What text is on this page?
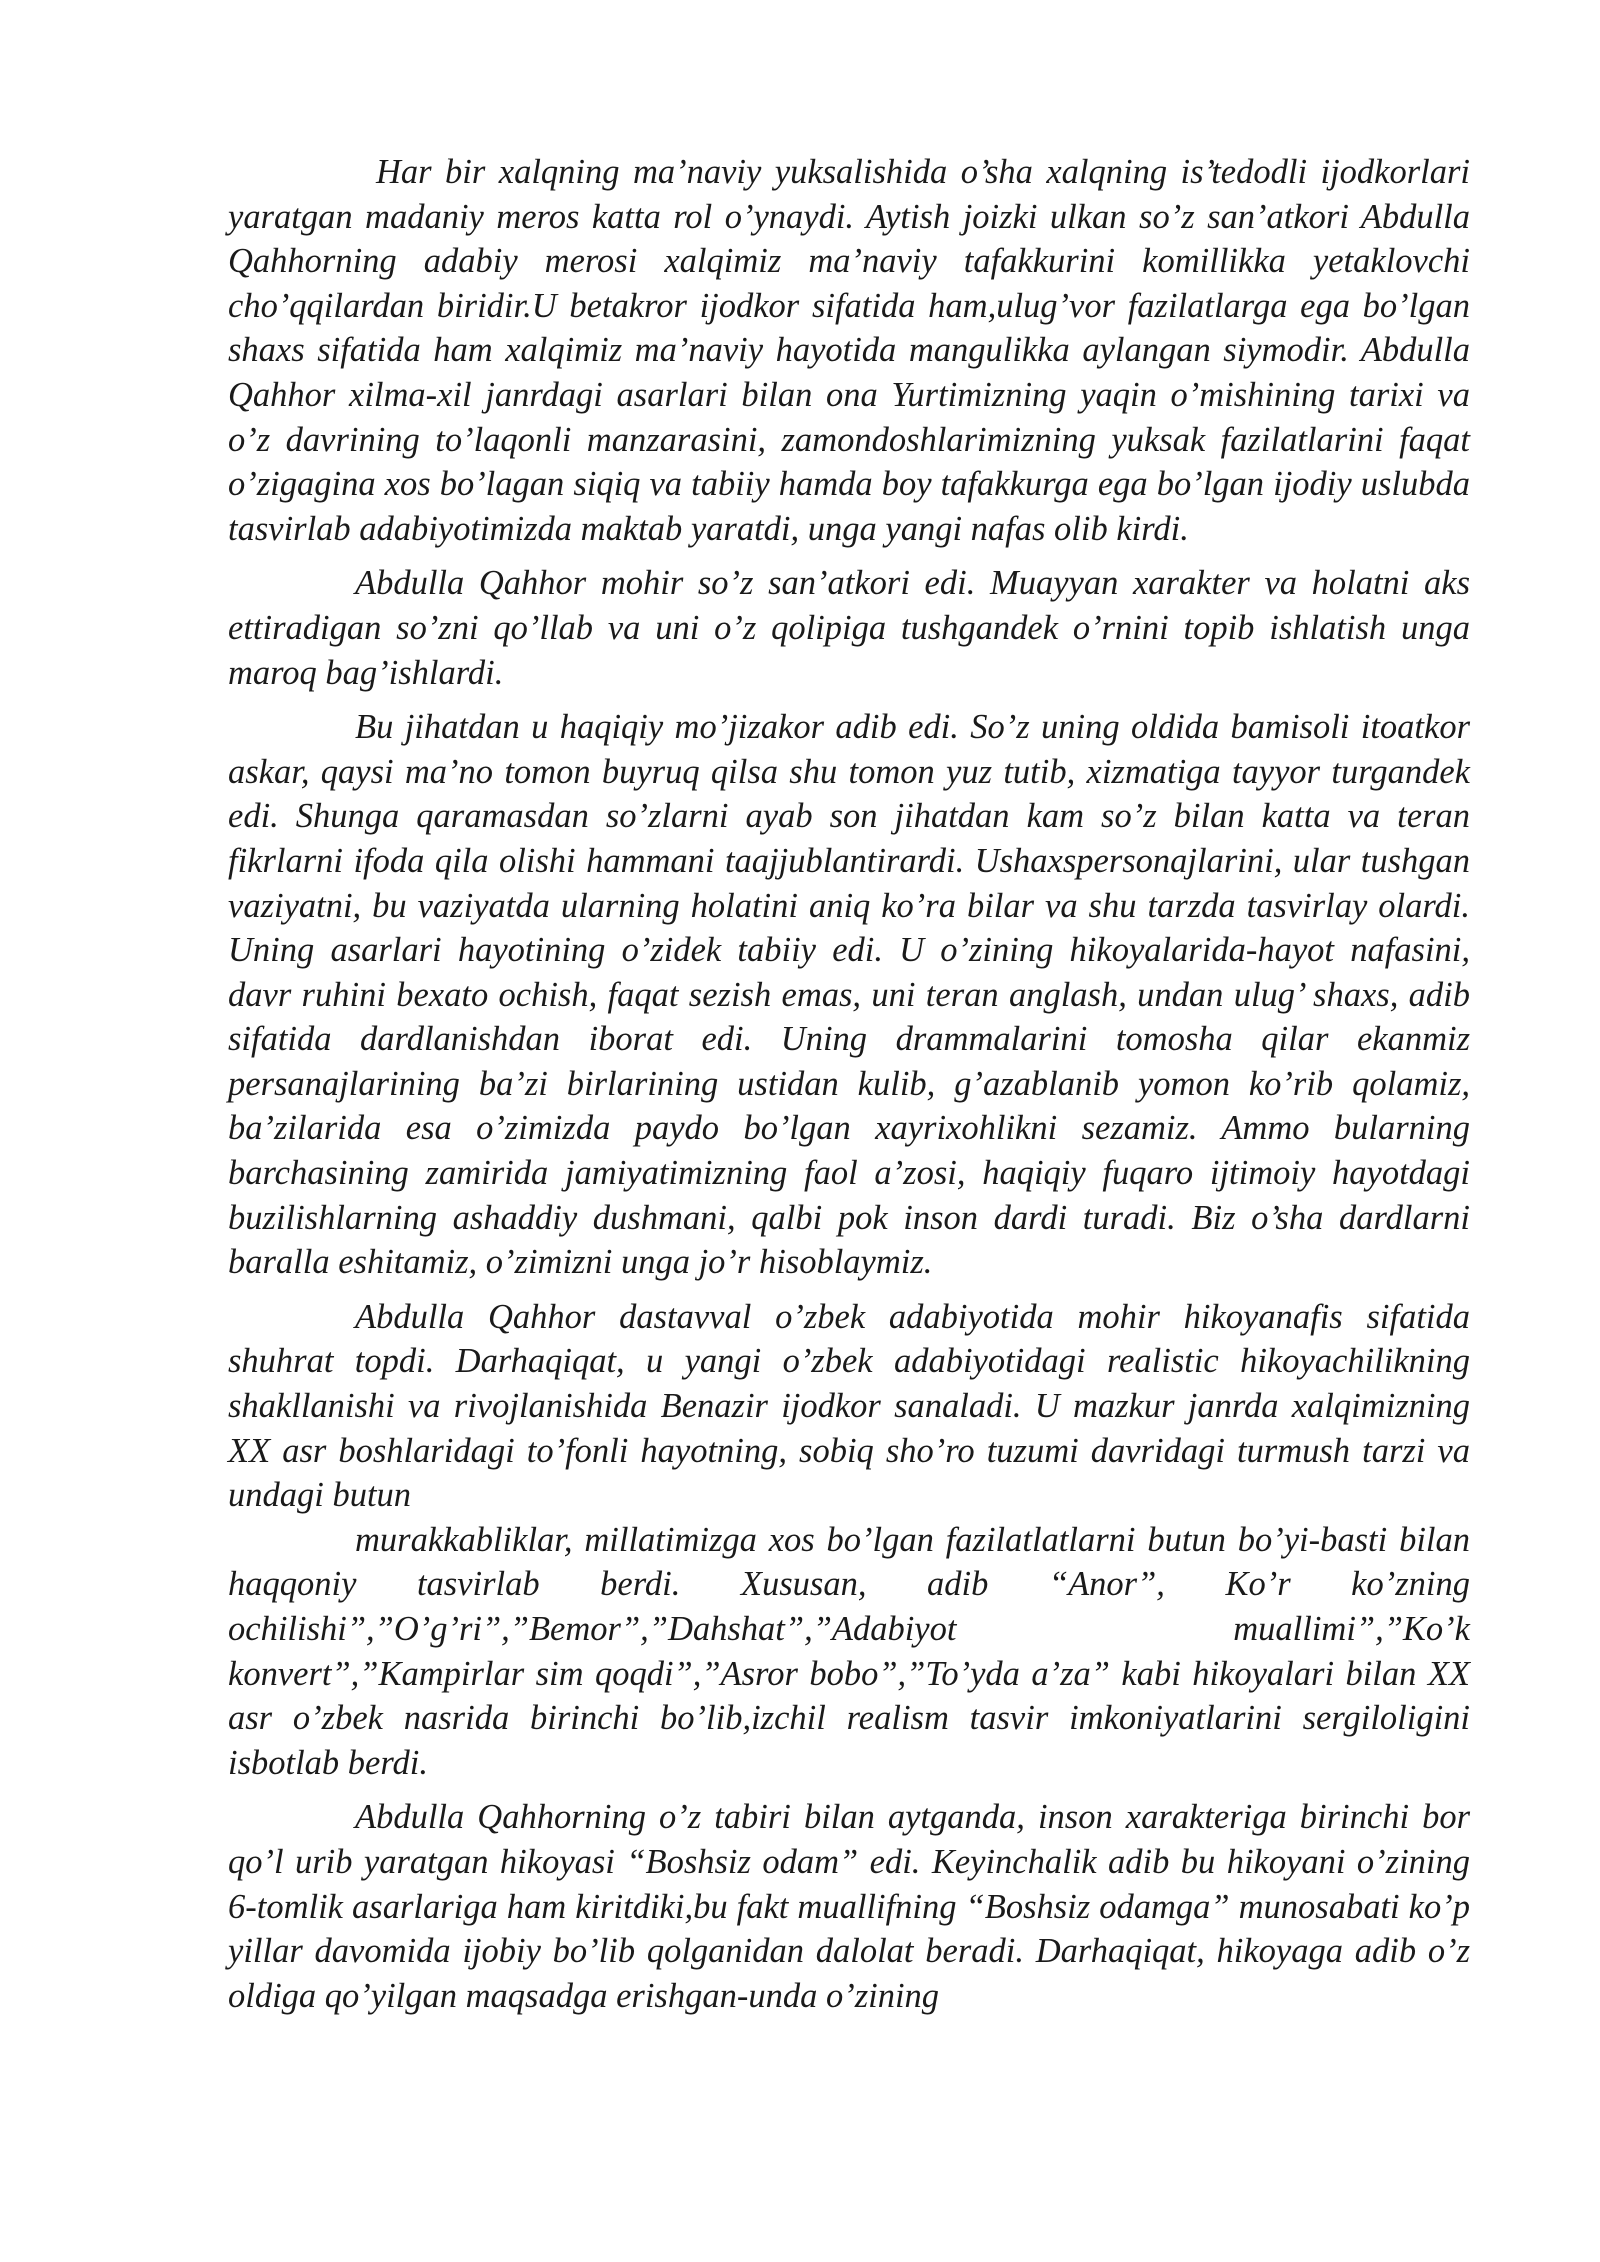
Har bir xalqning ma’naviy yuksalishida o’sha xalqning is’tedodli ijodkorlari yaratgan madaniy meros katta rol o’ynaydi. Aytish joizki ulkan so’z san’atkori Abdulla Qahhorning adabiy merosi xalqimiz ma’naviy tafakkurini komillikka yetaklovchi cho’qqilardan biridir.U betakror ijodkor sifatida ham,ulug’vor fazilatlarga ega bo’lgan shaxs sifatida ham xalqimiz ma’naviy hayotida mangulikka aylangan siymodir. Abdulla Qahhor xilma-xil janrdagi asarlari bilan ona Yurtimizning yaqin o’mishining tarixi va o’z davrining to’laqonli manzarasini, zamondoshlarimizning yuksak fazilatlarini faqat o’zigagina xos bo’lagan siqiq va tabiiy hamda boy tafakkurga ega bo’lgan ijodiy uslubda tasvirlab adabiyotimizda maktab yaratdi, unga yangi nafas olib kirdi.

Abdulla Qahhor mohir so’z san’atkori edi. Muayyan xarakter va holatni aks ettiradigan so’zni qo’llab va uni o’z qolipiga tushgandek o’rnini topib ishlatish unga maroq bag’ishlardi.

Bu jihatdan u haqiqiy mo’jizakor adib edi. So’z uning oldida bamisoli itoatkor askar, qaysi ma’no tomon buyruq qilsa shu tomon yuz tutib, xizmatiga tayyor turgandek edi. Shunga qaramasdan so’zlarni ayab son jihatdan kam so’z bilan katta va teran fikrlarni ifoda qila olishi hammani taajjublantirardi. Ushaxspersonajlarini, ular tushgan vaziyatni, bu vaziyatda ularning holatini aniq ko’ra bilar va shu tarzda tasvirlay olardi. Uning asarlari hayotining o’zidek tabiiy edi. U o’zining hikoyalarida-hayot nafasini, davr ruhini bexato ochish, faqat sezish emas, uni teran anglash, undan ulug’ shaxs, adib sifatida dardlanishdan iborat edi. Uning drammalarini tomosha qilar ekanmiz persanajlarining ba’zi birlarining ustidan kulib, g’azablanib yomon ko’rib qolamiz, ba’zilarida esa o’zimizda paydo bo’lgan xayrixohlikni sezamiz. Ammo bularning barchasining zamirida jamiyatimizning faol a’zosi, haqiqiy fuqaro ijtimoiy hayotdagi buzilishlarning ashaddiy dushmani, qalbi pok inson dardi turadi. Biz o’sha dardlarni baralla eshitamiz, o’zimizni unga jo’r hisoblaymiz.

Abdulla Qahhor dastavval o’zbek adabiyotida mohir hikoyanafis sifatida shuhrat topdi. Darhaqiqat, u yangi o’zbek adabiyotidagi realistic hikoyachilikning shakllanishi va rivojlanishida Benazir ijodkor sanaladi. U mazkur janrda xalqimizning XX asr boshlaridagi to’fonli hayotning, sobiq sho’ro tuzumi davridagi turmush tarzi va undagi butun

murakkabliklar, millatimizga xos bo’lgan fazilatlatlarni butun bo’yi-basti bilan haqqoniy tasvirlab berdi. Xususan, adib “Anor”, Ko’r ko’zning ochilishi”,”O’g’ri”,”Bemor”,”Dahshat”,”Adabiyot muallimi”,”Ko’k konvert”,”Kampirlar sim qoqdi”,”Asror bobo”,”To’yda a’za” kabi hikoyalari bilan XX asr o’zbek nasrida birinchi bo’lib,izchil realism tasvir imkoniyatlarini sergiloligini isbotlab berdi.

Abdulla Qahhorning o’z tabiri bilan aytganda, inson xarakteriga birinchi bor qo’l urib yaratgan hikoyasi “Boshsiz odam” edi. Keyinchalik adib bu hikoyani o’zining 6-tomlik asarlariga ham kiritdiki,bu fakt muallifning “Boshsiz odamga” munosabati ko’p yillar davomida ijobiy bo’lib qolganidan dalolat beradi. Darhaqiqat, hikoyaga adib o’z oldiga qo’yilgan maqsadga erishgan-unda o’zining
